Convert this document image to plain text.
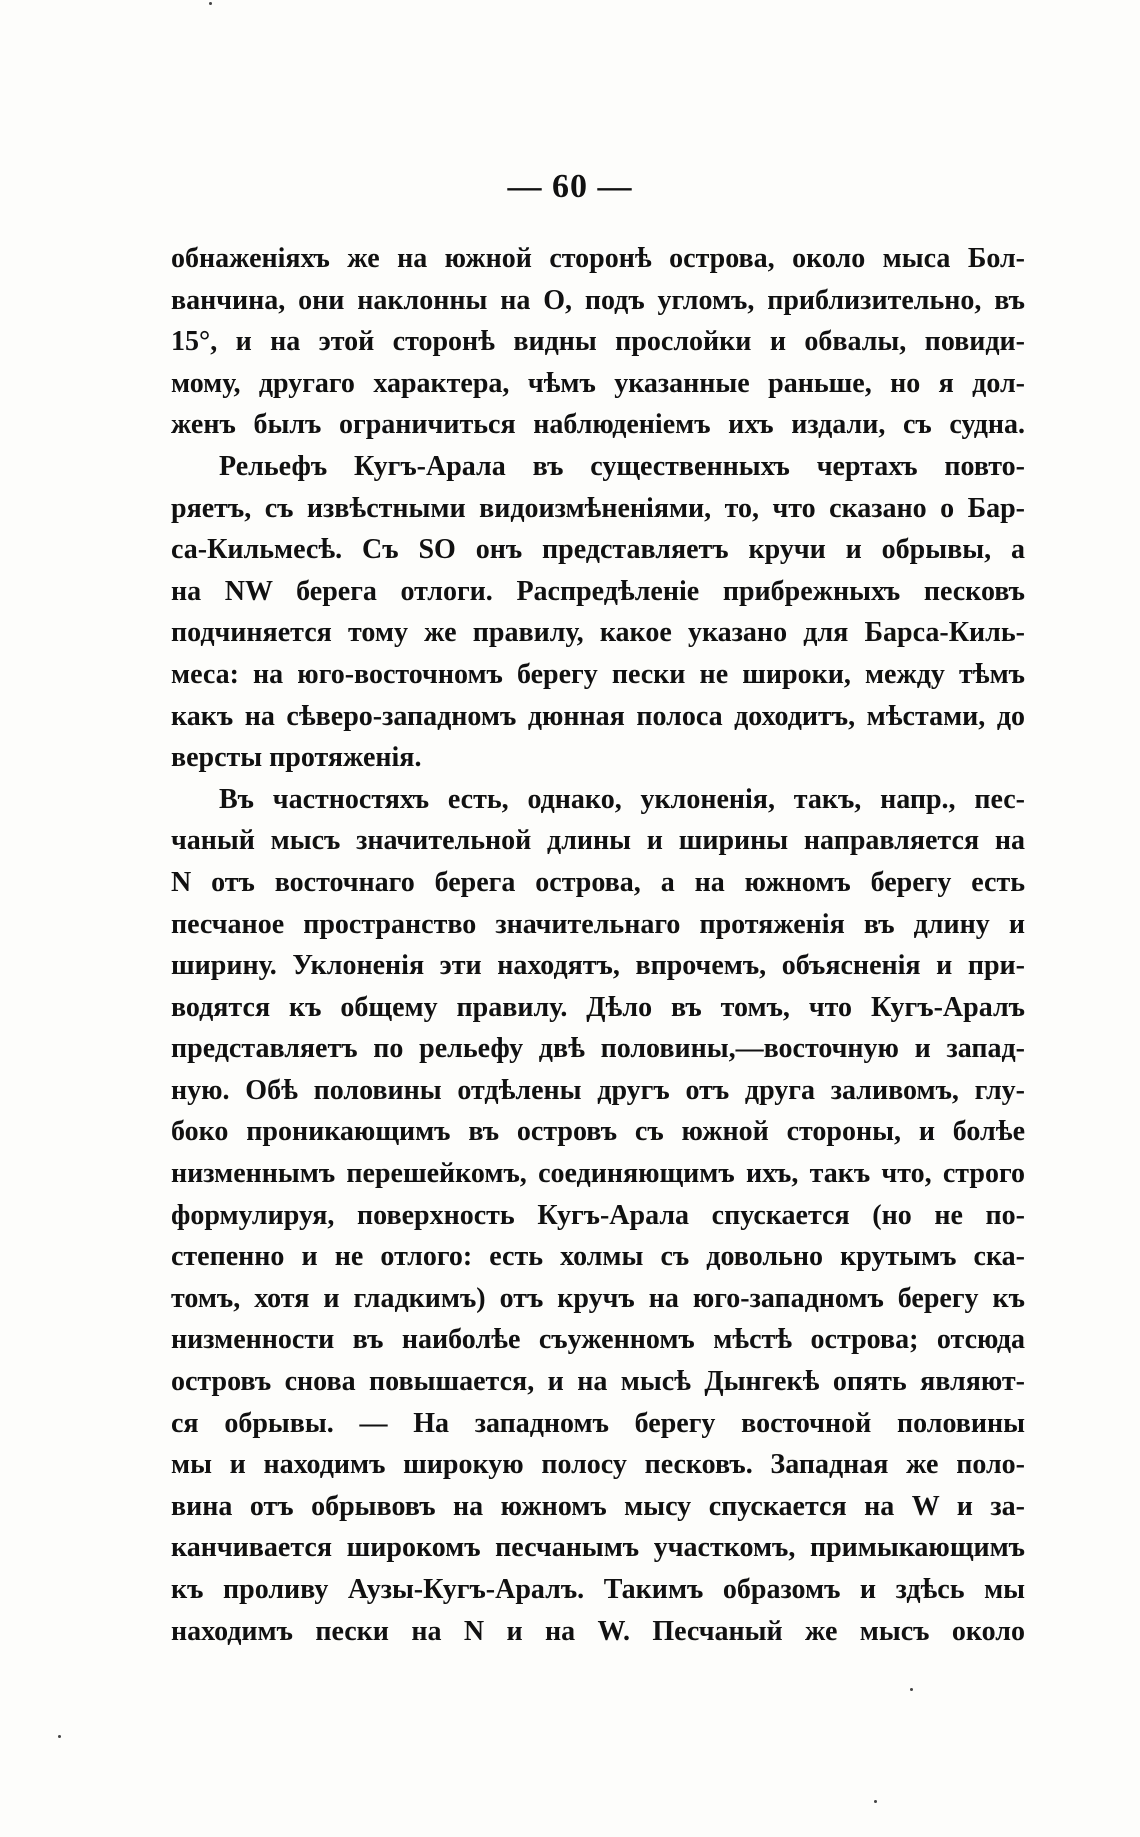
— 60 —
обнаженіяхъ же на южной сторонѣ острова, около мыса Бол-
ванчина, они наклонны на О, подъ угломъ, приблизительно, въ
15°, и на этой сторонѣ видны прослойки и обвалы, повиди-
мому, другаго характера, чѣмъ указанные раньше, но я дол-
женъ былъ ограничиться наблюденіемъ ихъ издали, съ судна.
Рельефъ Кугъ-Арала въ существенныхъ чертахъ повто-
ряетъ, съ извѣстными видоизмѣненіями, то, что сказано о Бар-
са-Кильмесѣ. Съ SO онъ представляетъ кручи и обрывы, а
на NW берега отлоги. Распредѣленіе прибрежныхъ песковъ
подчиняется тому же правилу, какое указано для Барса-Киль-
меса: на юго-восточномъ берегу пески не широки, между тѣмъ
какъ на сѣверо-западномъ дюнная полоса доходитъ, мѣстами, до
версты протяженія.
Въ частностяхъ есть, однако, уклоненія, такъ, напр., пес-
чаный мысъ значительной длины и ширины направляется на
N отъ восточнаго берега острова, а на южномъ берегу есть
песчаное пространство значительнаго протяженія въ длину и
ширину. Уклоненія эти находятъ, впрочемъ, объясненія и при-
водятся къ общему правилу. Дѣло въ томъ, что Кугъ-Аралъ
представляетъ по рельефу двѣ половины,—восточную и запад-
ную. Обѣ половины отдѣлены другъ отъ друга заливомъ, глу-
боко проникающимъ въ островъ съ южной стороны, и болѣе
низменнымъ перешейкомъ, соединяющимъ ихъ, такъ что, строго
формулируя, поверхность Кугъ-Арала спускается (но не по-
степенно и не отлого: есть холмы съ довольно крутымъ ска-
томъ, хотя и гладкимъ) отъ кручъ на юго-западномъ берегу къ
низменности въ наиболѣе съуженномъ мѣстѣ острова; отсюда
островъ снова повышается, и на мысѣ Дынгекѣ опять являют-
ся обрывы. — На западномъ берегу восточной половины
мы и находимъ широкую полосу песковъ. Западная же поло-
вина отъ обрывовъ на южномъ мысу спускается на W и за-
канчивается широкомъ песчанымъ участкомъ, примыкающимъ
къ проливу Аузы-Кугъ-Аралъ. Такимъ образомъ и здѣсь мы
находимъ пески на N и на W. Песчаный же мысъ около
